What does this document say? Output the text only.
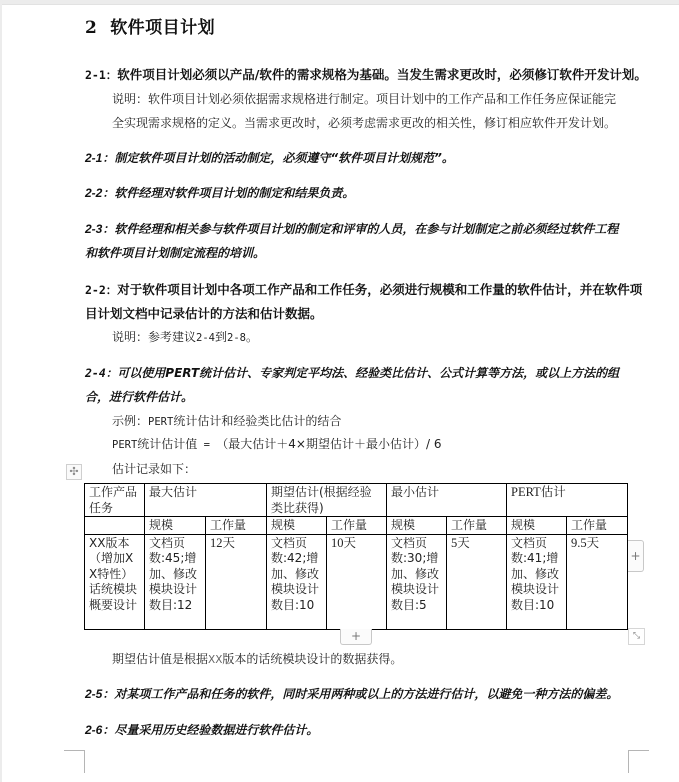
2 软件项目计划
2-1：软件项目计划必须以产品/软件的需求规格为基础。当发生需求更改时，必须修订软件开发计划。
说明：软件项目计划必须依据需求规格进行制定。项目计划中的工作产品和工作任务应保证能完
全实现需求规格的定义。当需求更改时，必须考虑需求更改的相关性，修订相应软件开发计划。
2-1：制定软件项目计划的活动制定，必须遵守“软件项目计划规范”。
2-2：软件经理对软件项目计划的制定和结果负责。
2-3：软件经理和相关参与软件项目计划的制定和评审的人员，在参与计划制定之前必须经过软件工程
和软件项目计划制定流程的培训。
2-2：对于软件项目计划中各项工作产品和工作任务，必须进行规模和工作量的软件估计，并在软件项
目计划文档中记录估计的方法和估计数据。
说明：参考建议2-4到2-8。
2-4：可以使用PERT统计估计、专家判定平均法、经验类比估计、公式计算等方法，或以上方法的组
合，进行软件估计。
示例：PERT统计估计和经验类比估计的结合
PERT统计估计值 = （最大估计＋4×期望估计＋最小估计）/ 6
估计记录如下：
✣
工作产品任务	最大估计		期望估计(根据经验类比获得)		最小估计		PERT估计	
	规模	工作量	规模	工作量	规模	工作量	规模	工作量
XX版本（增加XX特性）话统模块概要设计	文档页数:45;增加、修改模块设计数目:12	12天	文档页数:42;增加、修改模块设计数目:10	10天	文档页数:30;增加、修改模块设计数目:5	5天	文档页数:41;增加、修改模块设计数目:10	9.5天
+
+	⤡
期望估计值是根据XX版本的话统模块设计的数据获得。
2-5：对某项工作产品和任务的软件，同时采用两种或以上的方法进行估计，以避免一种方法的偏差。
2-6：尽量采用历史经验数据进行软件估计。
